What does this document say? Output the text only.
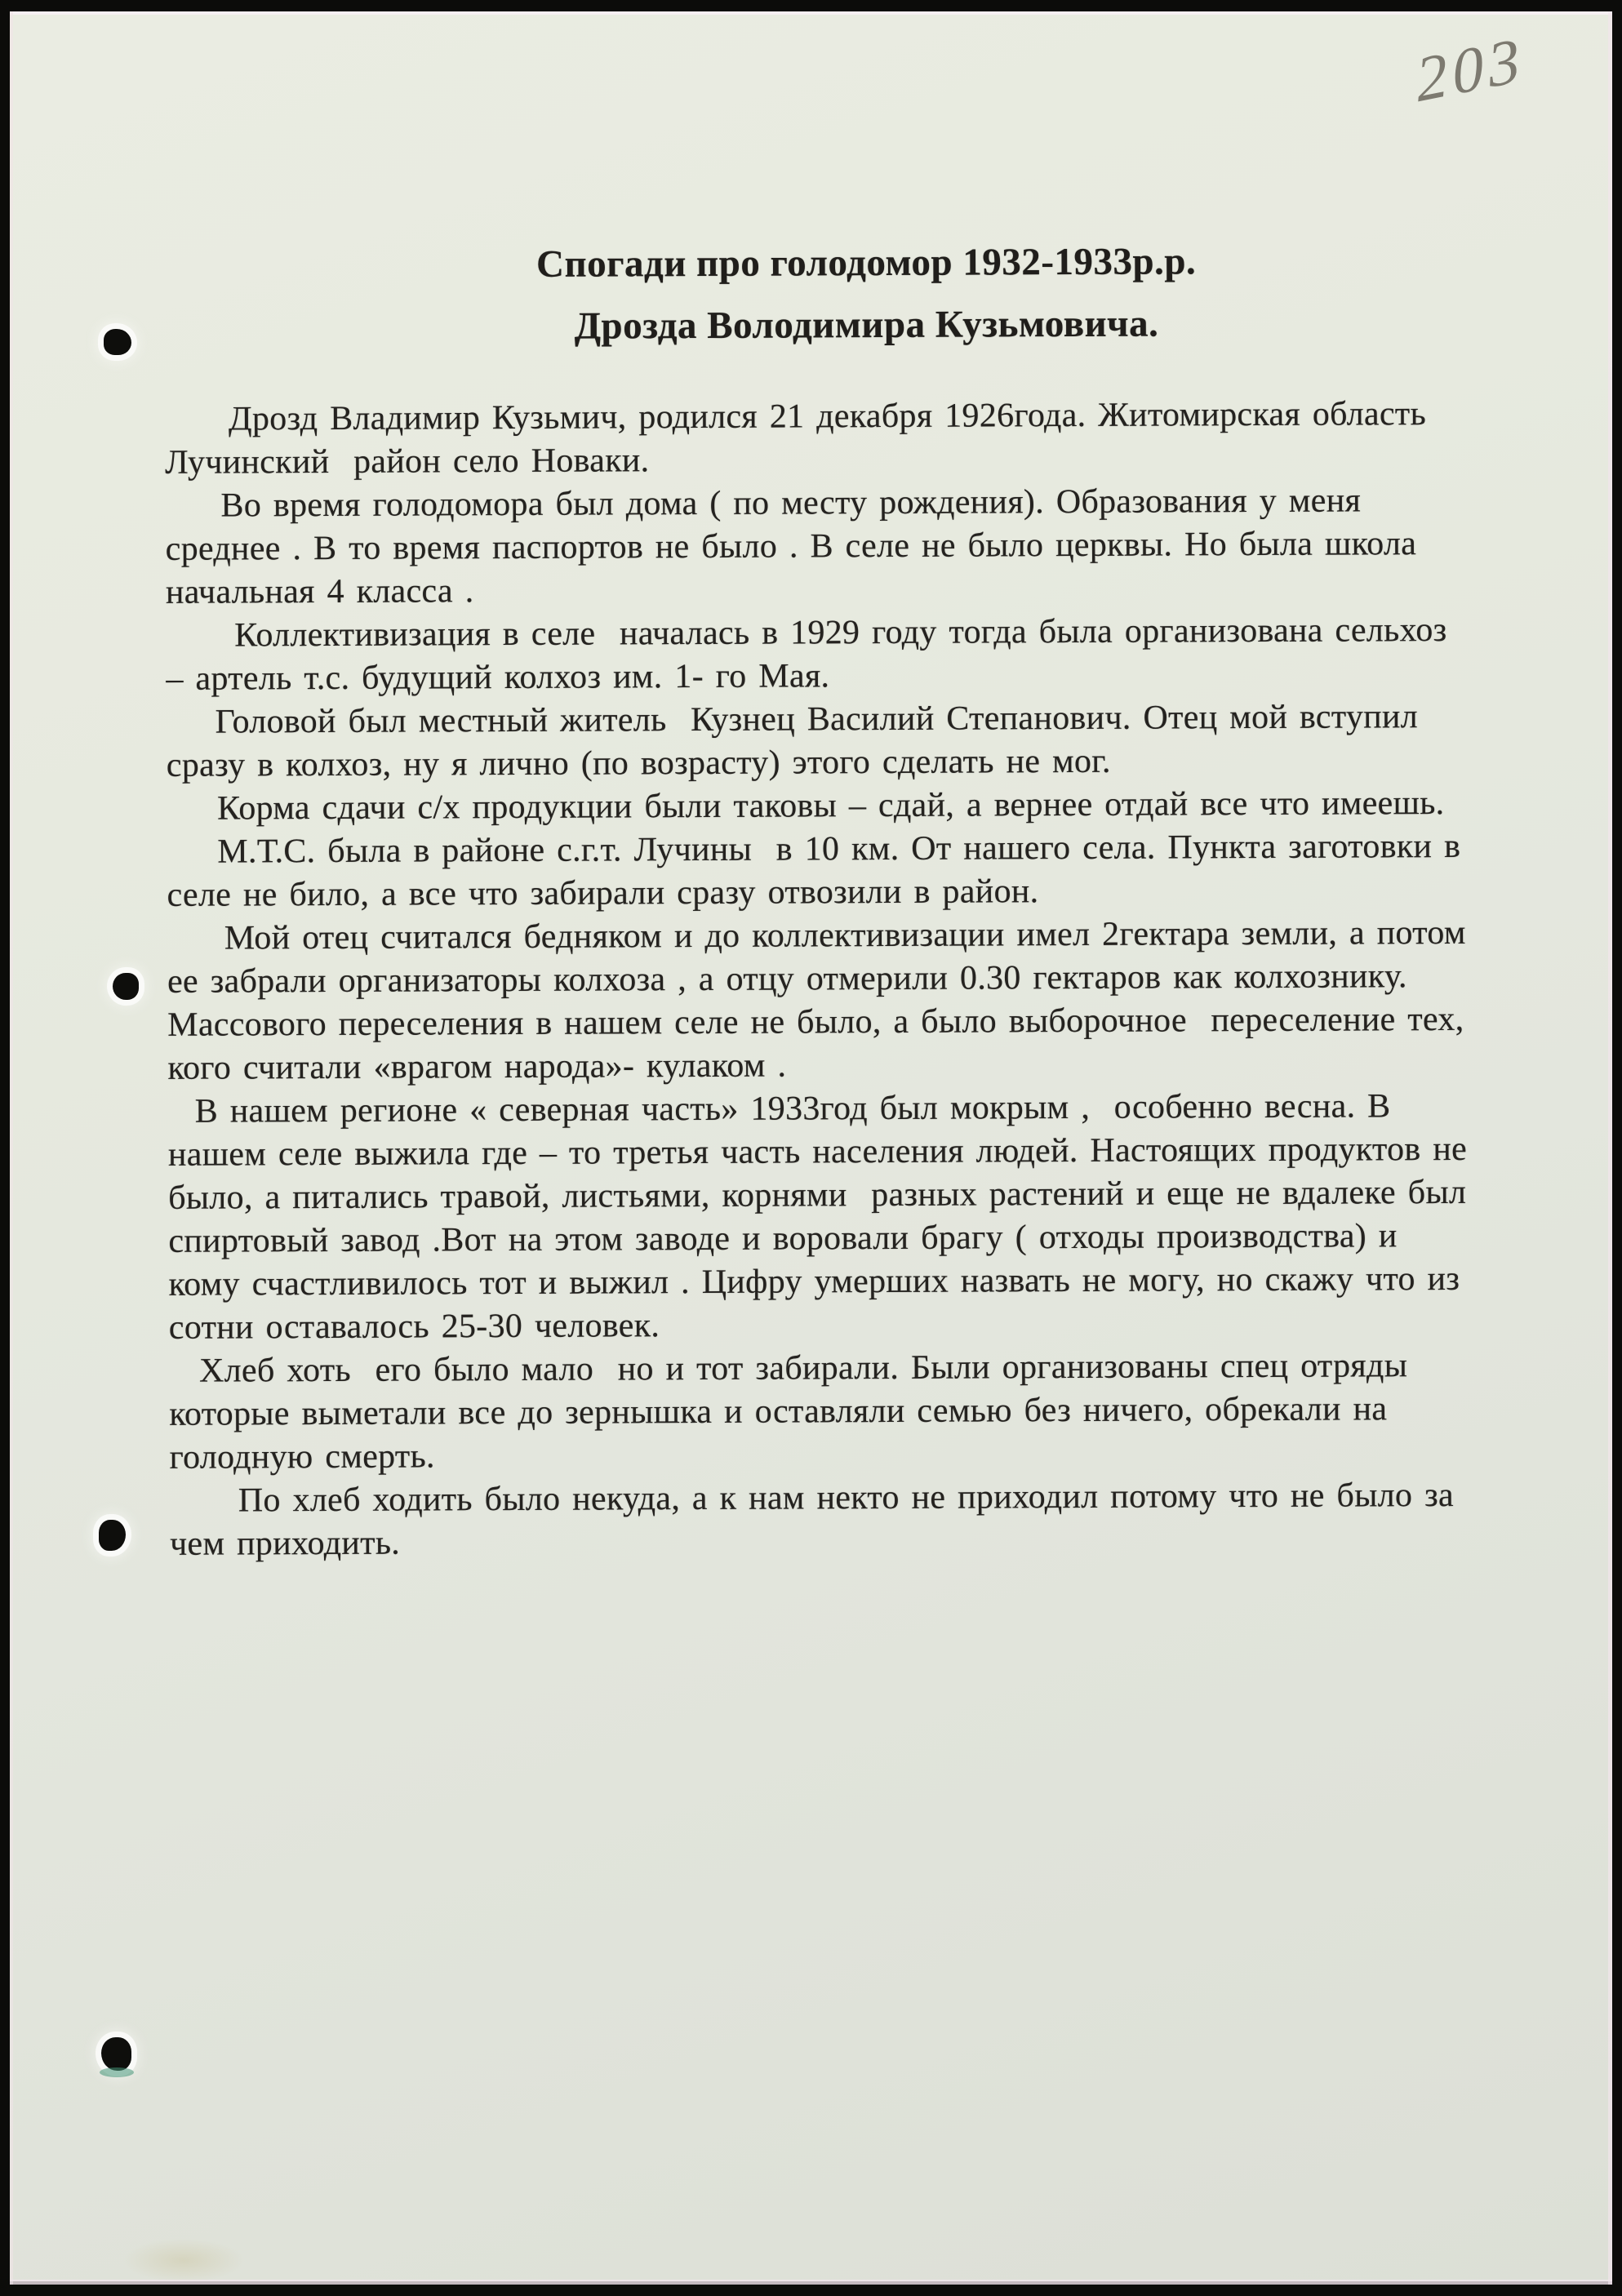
203
Спогади про голодомор 1932-1933р.р.
Дрозда Володимира Кузьмовича.
Дрозд Владимир Кузьмич, родился 21 декабря 1926года. Житомирская область
Лучинский  район село Новаки.
Во время голодомора был дома ( по месту рождения). Образования у меня
среднее . В то время паспортов не было . В селе не было церквы. Но была школа
начальная 4 класса .
Коллективизация в селе  началась в 1929 году тогда была организована сельхоз
– артель т.с. будущий колхоз им. 1- го Мая.
Головой был местный житель  Кузнец Василий Степанович. Отец мой вступил
сразу в колхоз, ну я лично (по возрасту) этого сделать не мог.
Корма сдачи с/х продукции были таковы – сдай, а вернее отдай все что имеешь.
М.Т.С. была в районе с.г.т. Лучины  в 10 км. От нашего села. Пункта заготовки в
селе не било, а все что забирали сразу отвозили в район.
Мой отец считался бедняком и до коллективизации имел 2гектара земли, а потом
ее забрали организаторы колхоза , а отцу отмерили 0.30 гектаров как колхознику.
Массового переселения в нашем селе не было, а было выборочное  переселение тех,
кого считали «врагом народа»- кулаком .
В нашем регионе « северная часть» 1933год был мокрым ,  особенно весна. В
нашем селе выжила где – то третья часть населения людей. Настоящих продуктов не
было, а питались травой, листьями, корнями  разных растений и еще не вдалеке был
спиртовый завод .Вот на этом заводе и воровали брагу ( отходы производства) и
кому счастливилось тот и выжил . Цифру умерших назвать не могу, но скажу что из
сотни оставалось 25-30 человек.
Хлеб хоть  его было мало  но и тот забирали. Были организованы спец отряды
которые выметали все до зернышка и оставляли семью без ничего, обрекали на
голодную смерть.
По хлеб ходить было некуда, а к нам некто не приходил потому что не было за
чем приходить.
